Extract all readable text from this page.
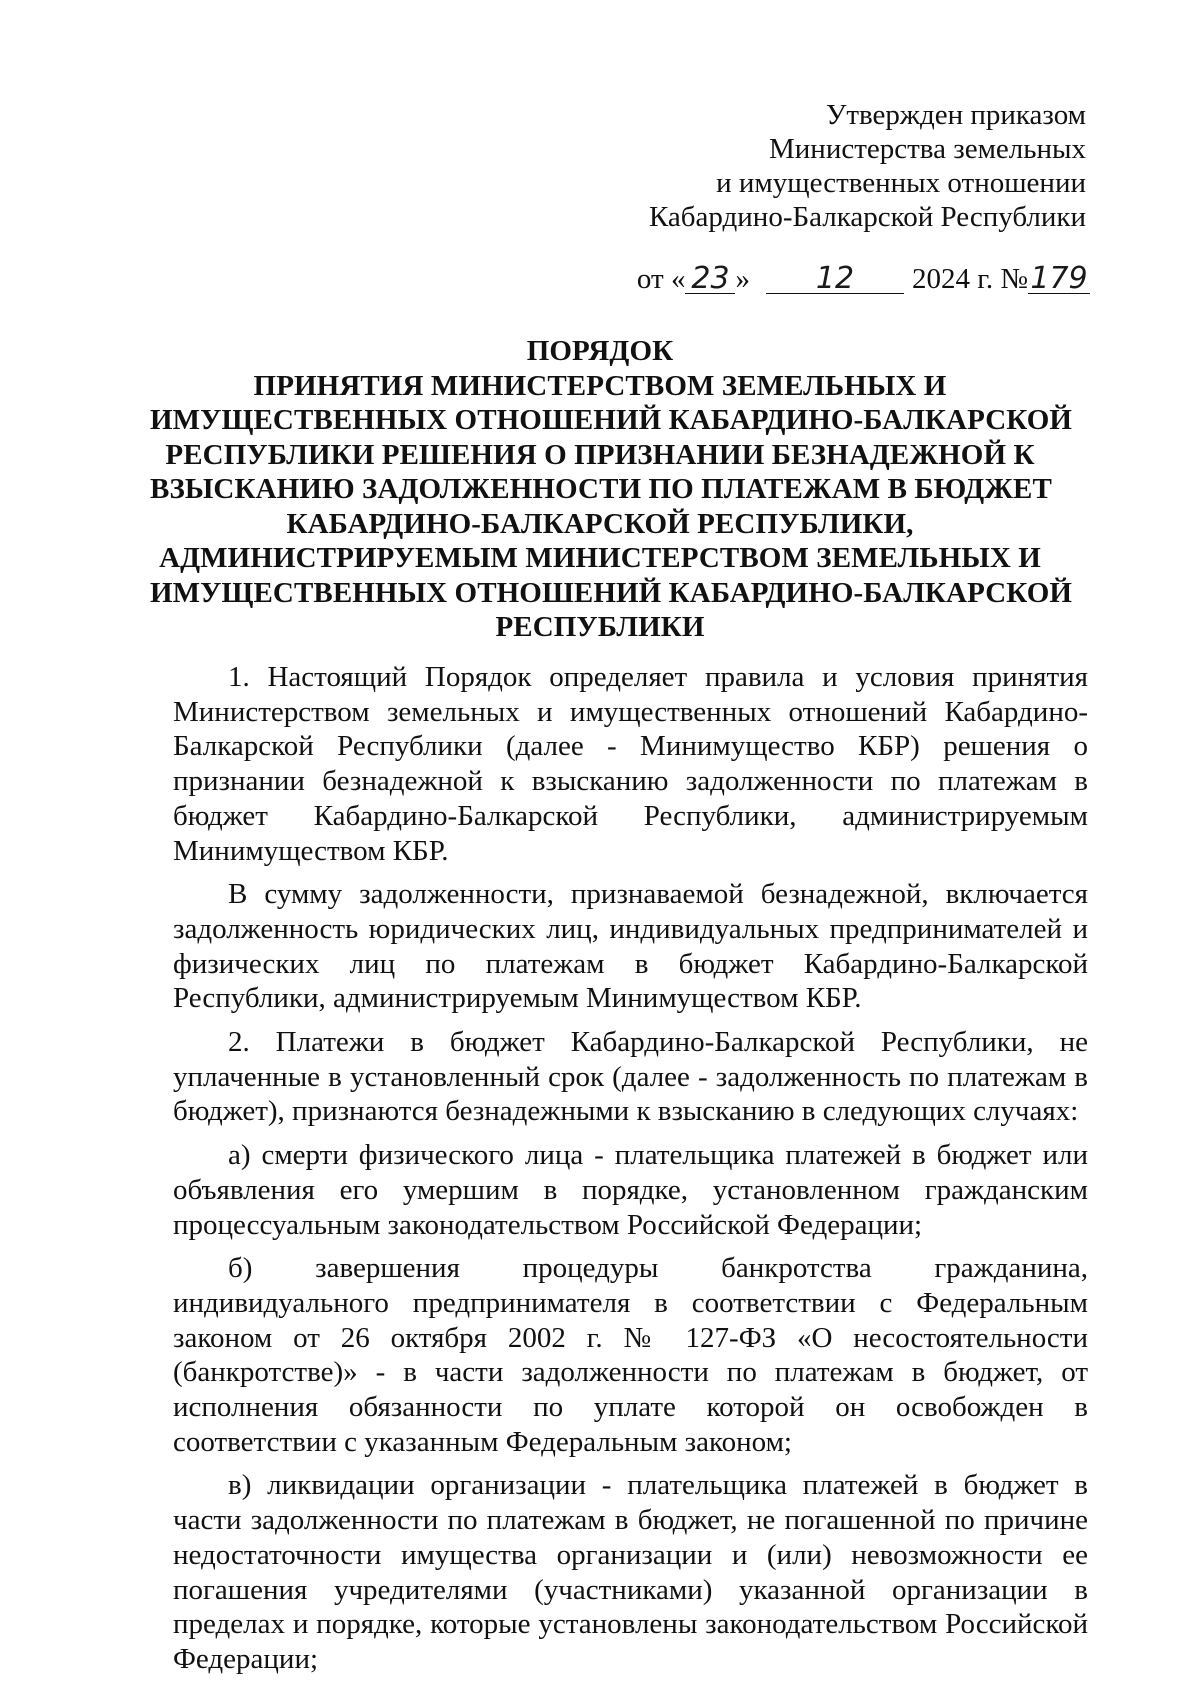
Утвержден приказом
Министерства земельных
и имущественных отношении
Кабардино-Балкарской Республики
от « 23 »	12	2024 г. № 179
ПОРЯДОК
ПРИНЯТИЯ МИНИСТЕРСТВОМ ЗЕМЕЛЬНЫХ И
ИМУЩЕСТВЕННЫХ ОТНОШЕНИЙ КАБАРДИНО-БАЛКАРСКОЙ
РЕСПУБЛИКИ РЕШЕНИЯ О ПРИЗНАНИИ БЕЗНАДЕЖНОЙ К
ВЗЫСКАНИЮ ЗАДОЛЖЕННОСТИ ПО ПЛАТЕЖАМ В БЮДЖЕТ
КАБАРДИНО-БАЛКАРСКОЙ РЕСПУБЛИКИ,
АДМИНИСТРИРУЕМЫМ МИНИСТЕРСТВОМ ЗЕМЕЛЬНЫХ И
ИМУЩЕСТВЕННЫХ ОТНОШЕНИЙ КАБАРДИНО-БАЛКАРСКОЙ
РЕСПУБЛИКИ

1. Настоящий Порядок определяет правила и условия принятия Министерством земельных и имущественных отношений Кабардино-Балкарской Республики (далее - Минимущество КБР) решения о признании безнадежной к взысканию задолженности по платежам в бюджет Кабардино-Балкарской Республики, администрируемым Минимуществом КБР.

В сумму задолженности, признаваемой безнадежной, включается задолженность юридических лиц, индивидуальных предпринимателей и физических лиц по платежам в бюджет Кабардино-Балкарской Республики, администрируемым Минимуществом КБР.

2. Платежи в бюджет Кабардино-Балкарской Республики, не уплаченные в установленный срок (далее - задолженность по платежам в бюджет), признаются безнадежными к взысканию в следующих случаях:

а) смерти физического лица - плательщика платежей в бюджет или объявления его умершим в порядке, установленном гражданским процессуальным законодательством Российской Федерации;

б) завершения процедуры банкротства гражданина, индивидуального предпринимателя в соответствии с Федеральным законом от 26 октября 2002 г. № 127-ФЗ «О несостоятельности (банкротстве)» - в части задолженности по платежам в бюджет, от исполнения обязанности по уплате которой он освобожден в соответствии с указанным Федеральным законом;

в) ликвидации организации - плательщика платежей в бюджет в части задолженности по платежам в бюджет, не погашенной по причине недостаточности имущества организации и (или) невозможности ее погашения учредителями (участниками) указанной организации в пределах и порядке, которые установлены законодательством Российской Федерации;
